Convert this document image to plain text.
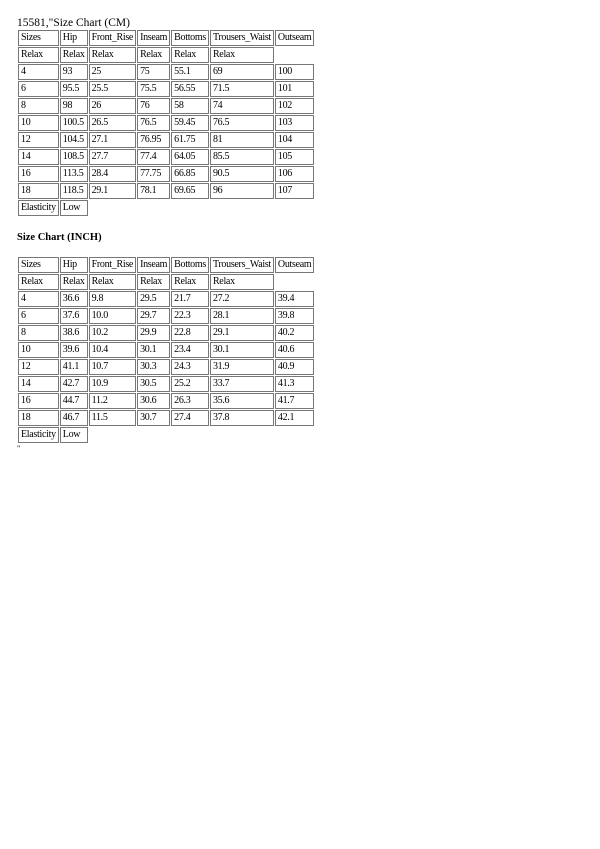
15581,"Size Chart (CM)
Sizes	Hip	Front_Rise	Inseam	Bottoms	Trousers_Waist	Outseam
Relax	Relax	Relax	Relax	Relax	Relax	
4	93	25	75	55.1	69	100
6	95.5	25.5	75.5	56.55	71.5	101
8	98	26	76	58	74	102
10	100.5	26.5	76.5	59.45	76.5	103
12	104.5	27.1	76.95	61.75	81	104
14	108.5	27.7	77.4	64.05	85.5	105
16	113.5	28.4	77.75	66.85	90.5	106
18	118.5	29.1	78.1	69.65	96	107
Elasticity	Low					
Size Chart (INCH)
Sizes	Hip	Front_Rise	Inseam	Bottoms	Trousers_Waist	Outseam
Relax	Relax	Relax	Relax	Relax	Relax	
4	36.6	9.8	29.5	21.7	27.2	39.4
6	37.6	10.0	29.7	22.3	28.1	39.8
8	38.6	10.2	29.9	22.8	29.1	40.2
10	39.6	10.4	30.1	23.4	30.1	40.6
12	41.1	10.7	30.3	24.3	31.9	40.9
14	42.7	10.9	30.5	25.2	33.7	41.3
16	44.7	11.2	30.6	26.3	35.6	41.7
18	46.7	11.5	30.7	27.4	37.8	42.1
Elasticity	Low					
"
